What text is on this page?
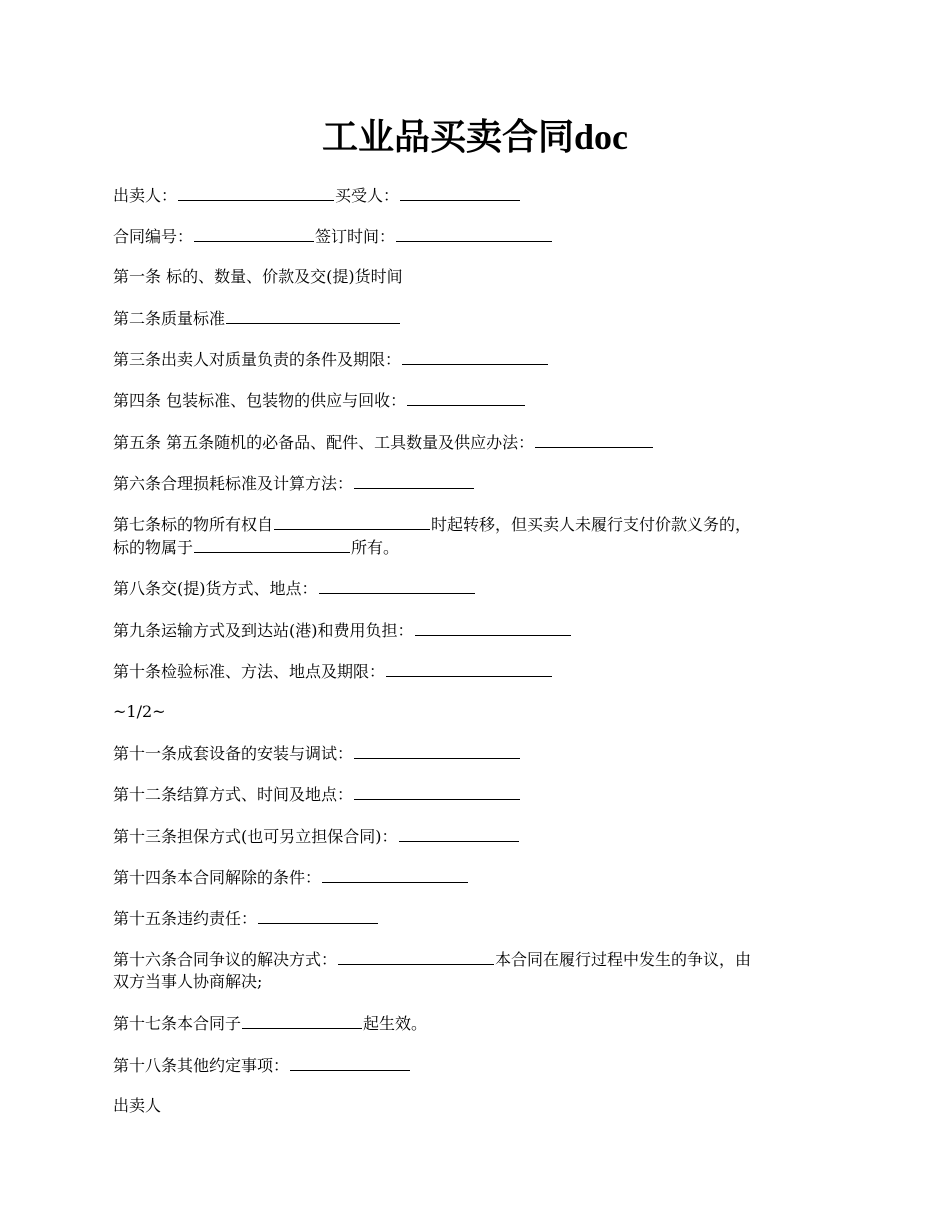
工业品买卖合同doc
出卖人：	买受人：
合同编号：	签订时间：
第一条 标的、数量、价款及交(提)货时间
第二条质量标准
第三条出卖人对质量负责的条件及期限：
第四条 包装标准、包装物的供应与回收：
第五条 第五条随机的必备品、配件、工具数量及供应办法：
第六条合理损耗标准及计算方法：
第七条标的物所有权自	时起转移，但买卖人未履行支付价款义务的，
标的物属于	所有。
第八条交(提)货方式、地点：
第九条运输方式及到达站(港)和费用负担：
第十条检验标准、方法、地点及期限：
~1/2~
第十一条成套设备的安装与调试：
第十二条结算方式、时间及地点：
第十三条担保方式(也可另立担保合同)：
第十四条本合同解除的条件：
第十五条违约责任：
第十六条合同争议的解决方式：	本合同在履行过程中发生的争议，由
双方当事人协商解决;
第十七条本合同子	起生效。
第十八条其他约定事项：
出卖人
